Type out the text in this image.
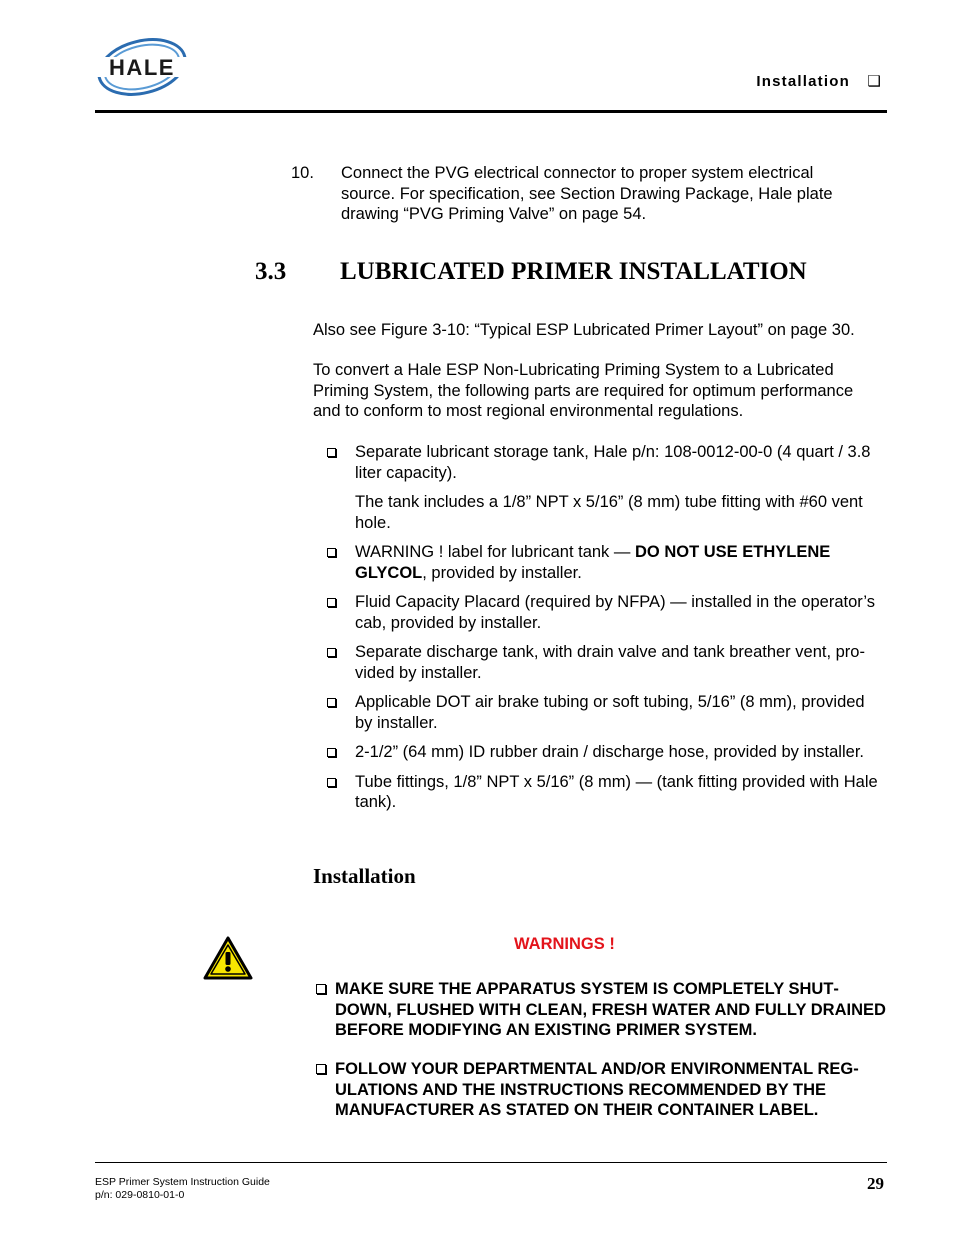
HALE
Installation ❑
10. Connect the PVG electrical connector to proper system electrical source. For specification, see Section Drawing Package, Hale plate drawing “PVG Priming Valve” on page 54.
3.3 LUBRICATED PRIMER INSTALLATION
Also see Figure 3-10: “Typical ESP Lubricated Primer Layout” on page 30.
To convert a Hale ESP Non-Lubricating Priming System to a Lubricated Priming System, the following parts are required for optimum performance and to conform to most regional environmental regulations.
Separate lubricant storage tank, Hale p/n: 108-0012-00-0 (4 quart / 3.8 liter capacity).
The tank includes a 1/8” NPT x 5/16” (8 mm) tube fitting with #60 vent hole.
WARNING ! label for lubricant tank — DO NOT USE ETHYLENE GLYCOL, provided by installer.
Fluid Capacity Placard (required by NFPA) — installed in the operator’s cab, provided by installer.
Separate discharge tank, with drain valve and tank breather vent, provided by installer.
Applicable DOT air brake tubing or soft tubing, 5/16” (8 mm), provided by installer.
2-1/2” (64 mm) ID rubber drain / discharge hose, provided by installer.
Tube fittings, 1/8” NPT x 5/16” (8 mm) — (tank fitting provided with Hale tank).
Installation
WARNINGS !
MAKE SURE THE APPARATUS SYSTEM IS COMPLETELY SHUTDOWN, FLUSHED WITH CLEAN, FRESH WATER AND FULLY DRAINED BEFORE MODIFYING AN EXISTING PRIMER SYSTEM.
FOLLOW YOUR DEPARTMENTAL AND/OR ENVIRONMENTAL REGULATIONS AND THE INSTRUCTIONS RECOMMENDED BY THE MANUFACTURER AS STATED ON THEIR CONTAINER LABEL.
ESP Primer System Instruction Guide
p/n: 029-0810-01-0
29
